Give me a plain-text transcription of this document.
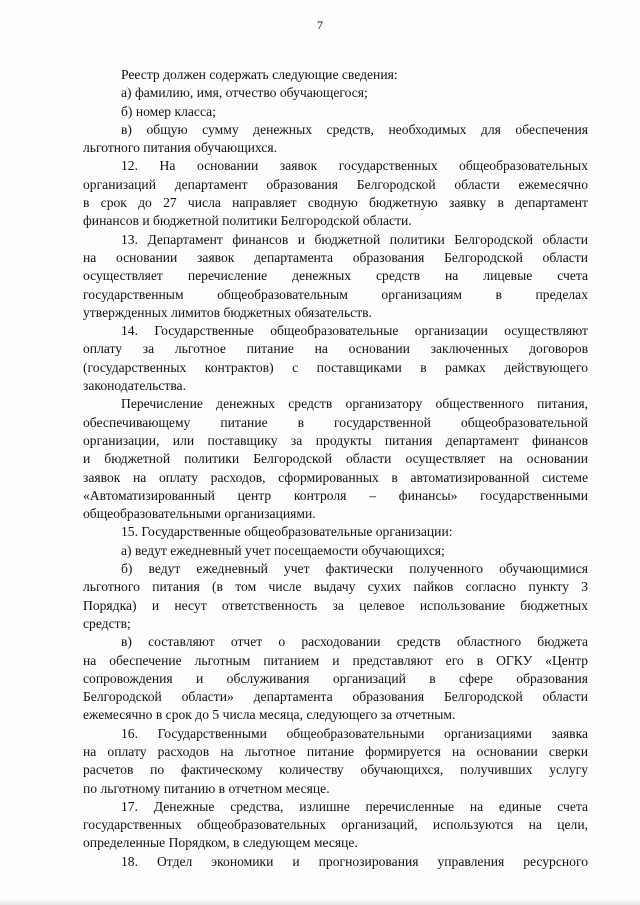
7
Реестр должен содержать следующие сведения:
а) фамилию, имя, отчество обучающегося;
б) номер класса;
в) общую сумму денежных средств, необходимых для обеспечения
льготного питания обучающихся.
12. На основании заявок государственных общеобразовательных
организаций департамент образования Белгородской области ежемесячно
в срок до 27 числа направляет сводную бюджетную заявку в департамент
финансов и бюджетной политики Белгородской области.
13. Департамент финансов и бюджетной политики Белгородской области
на основании заявок департамента образования Белгородской области
осуществляет перечисление денежных средств на лицевые счета
государственным общеобразовательным организациям в пределах
утвержденных лимитов бюджетных обязательств.
14. Государственные общеобразовательные организации осуществляют
оплату за льготное питание на основании заключенных договоров
(государственных контрактов) с поставщиками в рамках действующего
законодательства.
Перечисление денежных средств организатору общественного питания,
обеспечивающему питание в государственной общеобразовательной
организации, или поставщику за продукты питания департамент финансов
и бюджетной политики Белгородской области осуществляет на основании
заявок на оплату расходов, сформированных в автоматизированной системе
«Автоматизированный центр контроля – финансы» государственными
общеобразовательными организациями.
15. Государственные общеобразовательные организации:
а) ведут ежедневный учет посещаемости обучающихся;
б) ведут ежедневный учет фактически полученного обучающимися
льготного питания (в том числе выдачу сухих пайков согласно пункту 3
Порядка) и несут ответственность за целевое использование бюджетных
средств;
в) составляют отчет о расходовании средств областного бюджета
на обеспечение льготным питанием и представляют его в ОГКУ «Центр
сопровождения и обслуживания организаций в сфере образования
Белгородской области» департамента образования Белгородской области
ежемесячно в срок до 5 числа месяца, следующего за отчетным.
16. Государственными общеобразовательными организациями заявка
на оплату расходов на льготное питание формируется на основании сверки
расчетов по фактическому количеству обучающихся, получивших услугу
по льготному питанию в отчетном месяце.
17. Денежные средства, излишне перечисленные на единые счета
государственных общеобразовательных организаций, используются на цели,
определенные Порядком, в следующем месяце.
18. Отдел экономики и прогнозирования управления ресурсного
